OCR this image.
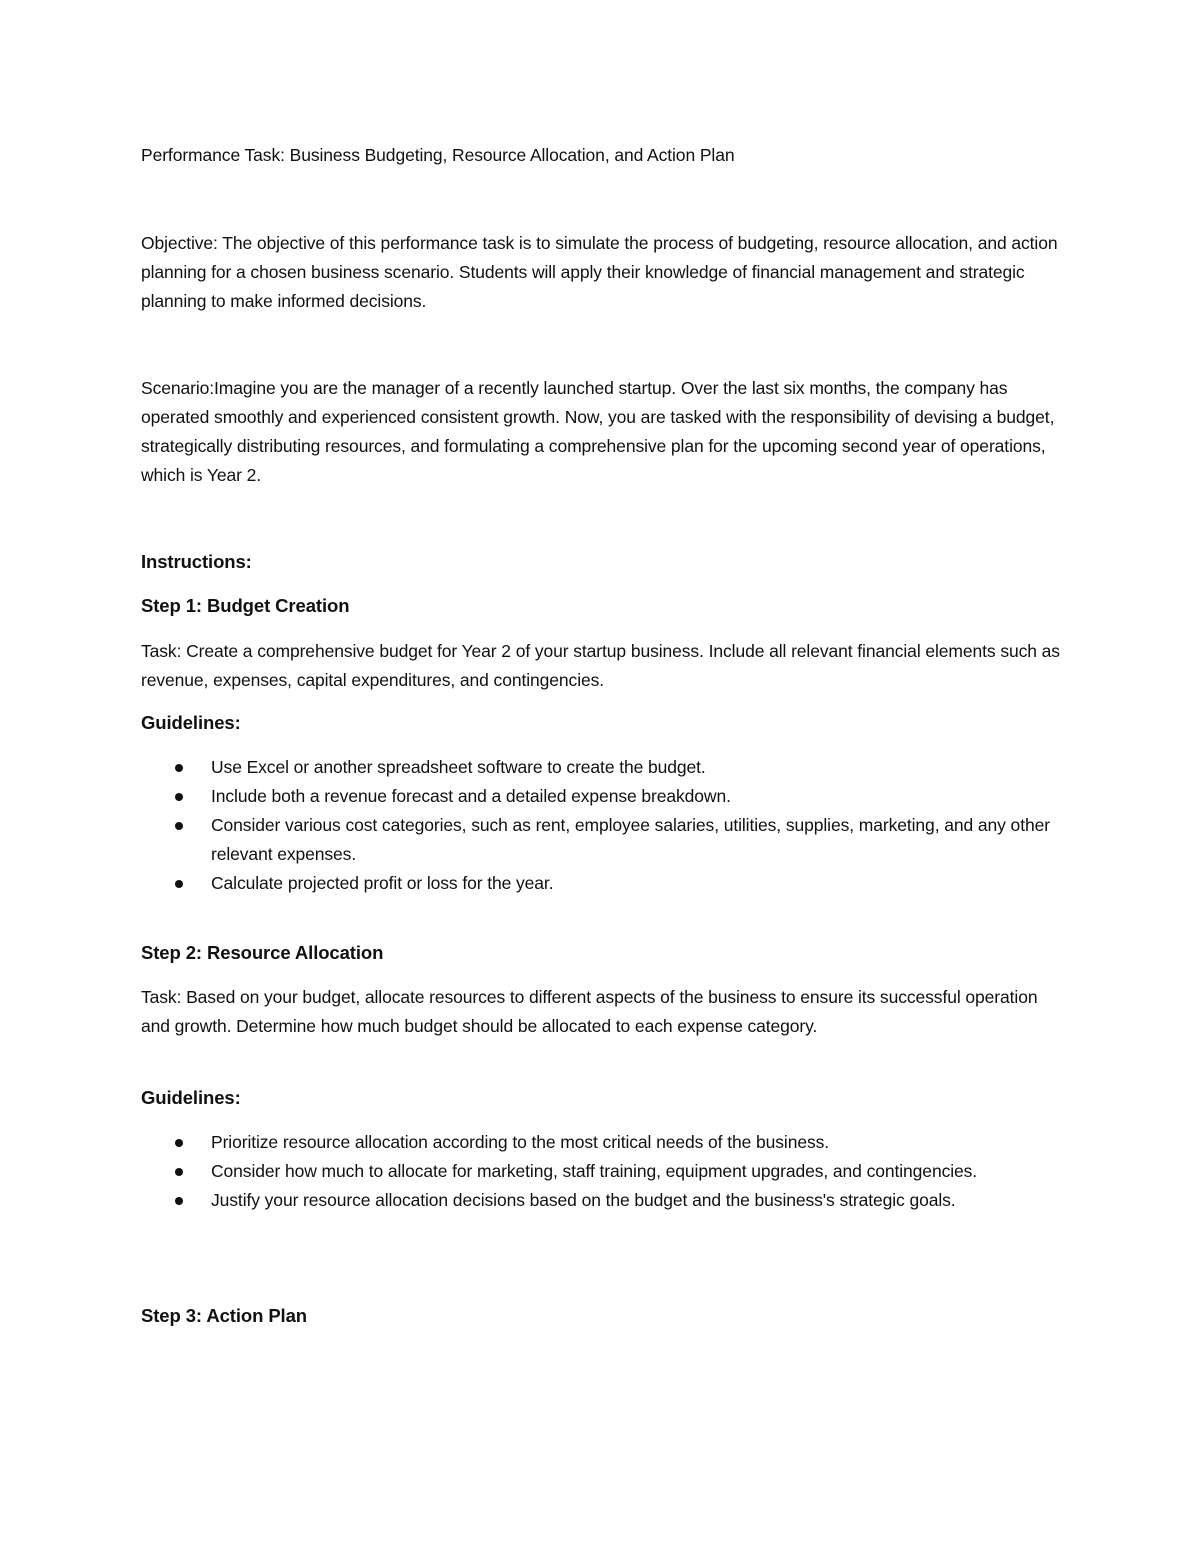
Performance Task: Business Budgeting, Resource Allocation, and Action Plan

Objective: The objective of this performance task is to simulate the process of budgeting, resource allocation, and action planning for a chosen business scenario. Students will apply their knowledge of financial management and strategic planning to make informed decisions.

Scenario:Imagine you are the manager of a recently launched startup. Over the last six months, the company has operated smoothly and experienced consistent growth. Now, you are tasked with the responsibility of devising a budget, strategically distributing resources, and formulating a comprehensive plan for the upcoming second year of operations, which is Year 2.

Instructions:

Step 1: Budget Creation

Task: Create a comprehensive budget for Year 2 of your startup business. Include all relevant financial elements such as revenue, expenses, capital expenditures, and contingencies.

Guidelines:

Use Excel or another spreadsheet software to create the budget.
Include both a revenue forecast and a detailed expense breakdown.
Consider various cost categories, such as rent, employee salaries, utilities, supplies, marketing, and any other relevant expenses.
Calculate projected profit or loss for the year.

Step 2: Resource Allocation

Task: Based on your budget, allocate resources to different aspects of the business to ensure its successful operation and growth. Determine how much budget should be allocated to each expense category.

Guidelines:

Prioritize resource allocation according to the most critical needs of the business.
Consider how much to allocate for marketing, staff training, equipment upgrades, and contingencies.
Justify your resource allocation decisions based on the budget and the business's strategic goals.

Step 3: Action Plan
